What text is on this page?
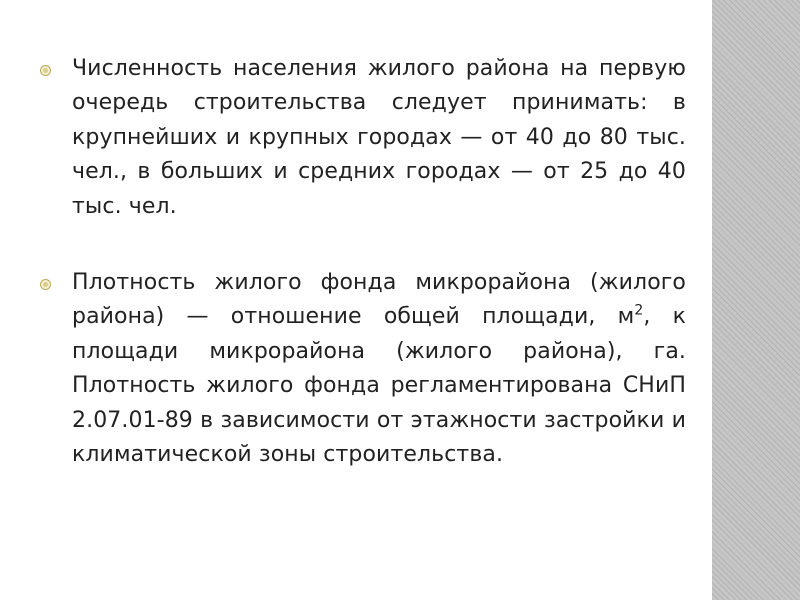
Численность населения жилого района на первую очередь строительства следует принимать: в крупнейших и крупных городах — от 40 до 80 тыс. чел., в больших и средних городах — от 25 до 40 тыс. чел.
Плотность жилого фонда микрорайона (жилого района) — отношение общей площади, $м^2$, к площади микрорайона (жилого района), га. Плотность жилого фонда регламентирована СНиП 2.07.01-89 в зависимости от этажности застройки и климатической зоны строительства.
